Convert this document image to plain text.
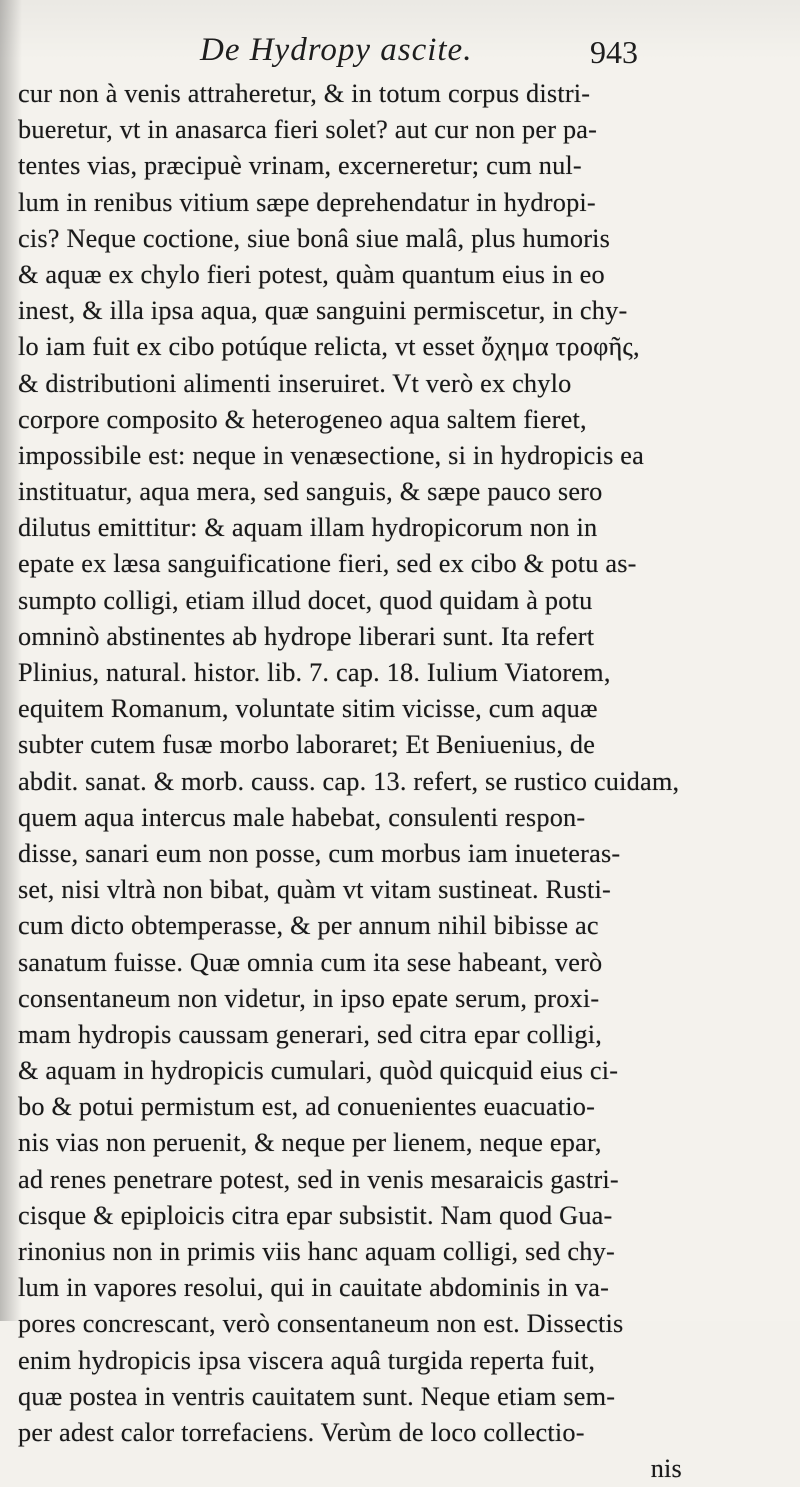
De Hydropy ascite.	943
cur non à venis attraheretur, & in totum corpus distri-
bueretur, vt in anasarca fieri solet? aut cur non per pa-
tentes vias, præcipuè vrinam, excerneretur; cum nul-
lum in renibus vitium sæpe deprehendatur in hydropi-
cis? Neque coctione, siue bonâ siue malâ, plus humoris
& aquæ ex chylo fieri potest, quàm quantum eius in eo
inest, & illa ipsa aqua, quæ sanguini permiscetur, in chy-
lo iam fuit ex cibo potúque relicta, vt esset ὄχημα τροφῆς,
& distributioni alimenti inseruiret. Vt verò ex chylo
corpore composito & heterogeneo aqua saltem fieret,
impossibile est: neque in venæsectione, si in hydropicis ea
instituatur, aqua mera, sed sanguis, & sæpe pauco sero
dilutus emittitur: & aquam illam hydropicorum non in
epate ex læsa sanguificatione fieri, sed ex cibo & potu as-
sumpto colligi, etiam illud docet, quod quidam à potu
omninò abstinentes ab hydrope liberari sunt. Ita refert
Plinius, natural. histor. lib. 7. cap. 18. Iulium Viatorem,
equitem Romanum, voluntate sitim vicisse, cum aquæ
subter cutem fusæ morbo laboraret; Et Beniuenius, de
abdit. sanat. & morb. causs. cap. 13. refert, se rustico cuidam,
quem aqua intercus male habebat, consulenti respon-
disse, sanari eum non posse, cum morbus iam inueteras-
set, nisi vltrà non bibat, quàm vt vitam sustineat. Rusti-
cum dicto obtemperasse, & per annum nihil bibisse ac
sanatum fuisse. Quæ omnia cum ita sese habeant, verò
consentaneum non videtur, in ipso epate serum, proxi-
mam hydropis caussam generari, sed citra epar colligi,
& aquam in hydropicis cumulari, quòd quicquid eius ci-
bo & potui permistum est, ad conuenientes euacuatio-
nis vias non peruenit, & neque per lienem, neque epar,
ad renes penetrare potest, sed in venis mesaraicis gastri-
cisque & epiploicis citra epar subsistit. Nam quod Gua-
rinonius non in primis viis hanc aquam colligi, sed chy-
lum in vapores resolui, qui in cauitate abdominis in va-
pores concrescant, verò consentaneum non est. Dissectis
enim hydropicis ipsa viscera aquâ turgida reperta fuit,
quæ postea in ventris cauitatem sunt. Neque etiam sem-
per adest calor torrefaciens. Verùm de loco collectio-
nis
